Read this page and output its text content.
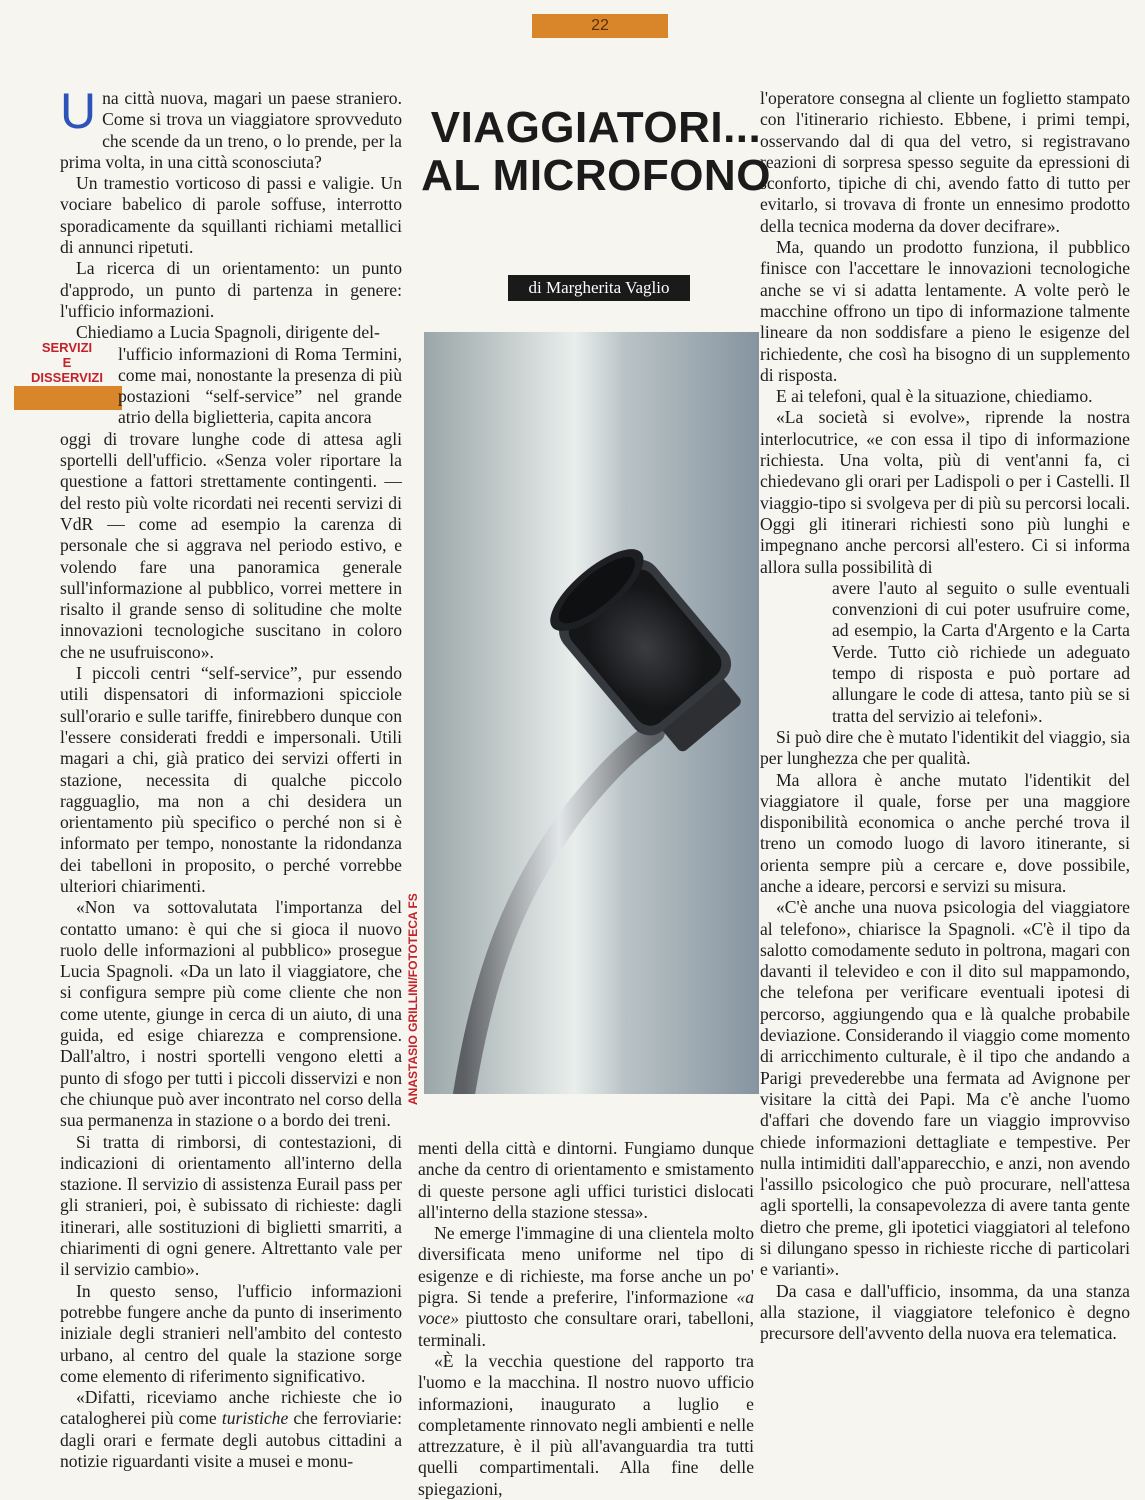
22
VIAGGIATORI...
AL MICROFONO
di Margherita Vaglio
SERVIZI
E
DISSERVIZI

Una città nuova, magari un paese straniero. Come si trova un viaggiatore sprovveduto che scende da un treno, o lo prende, per la prima volta, in una città sconosciuta?

Un tramestio vorticoso di passi e valigie. Un vociare babelico di parole soffuse, interrotto sporadicamente da squillanti richiami metallici di annunci ripetuti.

La ricerca di un orientamento: un punto d'approdo, un punto di partenza in genere: l'ufficio informazioni.

Chiediamo a Lucia Spagnoli, dirigente del-

l'ufficio informazioni di Roma Termini, come mai, nonostante la presenza di più postazioni “self-service” nel grande atrio della biglietteria, capita ancora
oggi di trovare lunghe code di attesa agli sportelli dell'ufficio. «Senza voler riportare la questione a fattori strettamente contingenti. — del resto più volte ricordati nei recenti servizi di VdR — come ad esempio la carenza di personale che si aggrava nel periodo estivo, e volendo fare una panoramica generale sull'informazione al pubblico, vorrei mettere in risalto il grande senso di solitudine che molte innovazioni tecnologiche suscitano in coloro che ne usufruiscono».

I piccoli centri “self-service”, pur essendo utili dispensatori di informazioni spicciole sull'orario e sulle tariffe, finirebbero dunque con l'essere considerati freddi e impersonali. Utili magari a chi, già pratico dei servizi offerti in stazione, necessita di qualche piccolo ragguaglio, ma non a chi desidera un orientamento più specifico o perché non si è informato per tempo, nonostante la ridondanza dei tabelloni in proposito, o perché vorrebbe ulteriori chiarimenti.

«Non va sottovalutata l'importanza del contatto umano: è qui che si gioca il nuovo ruolo delle informazioni al pubblico» prosegue Lucia Spagnoli. «Da un lato il viaggiatore, che si configura sempre più come cliente che non come utente, giunge in cerca di un aiuto, di una guida, ed esige chiarezza e comprensione. Dall'altro, i nostri sportelli vengono eletti a punto di sfogo per tutti i piccoli disservizi e non che chiunque può aver incontrato nel corso della sua permanenza in stazione o a bordo dei treni.

Si tratta di rimborsi, di contestazioni, di indicazioni di orientamento all'interno della stazione. Il servizio di assistenza Eurail pass per gli stranieri, poi, è subissato di richieste: dagli itinerari, alle sostituzioni di biglietti smarriti, a chiarimenti di ogni genere. Altrettanto vale per il servizio cambio».

In questo senso, l'ufficio informazioni potrebbe fungere anche da punto di inserimento iniziale degli stranieri nell'ambito del contesto urbano, al centro del quale la stazione sorge come elemento di riferimento significativo.

«Difatti, riceviamo anche richieste che io catalogherei più come turistiche che ferroviarie: dagli orari e fermate degli autobus cittadini a notizie riguardanti visite a musei e monu-

ANASTASIO GRILLINI/FOTOTECA FS
menti della città e dintorni. Fungiamo dunque anche da centro di orientamento e smistamento di queste persone agli uffici turistici dislocati all'interno della stazione stessa».

Ne emerge l'immagine di una clientela molto diversificata meno uniforme nel tipo di esigenze e di richieste, ma forse anche un po' pigra. Si tende a preferire, l'informazione «a voce» piuttosto che consultare orari, tabelloni, terminali.

«È la vecchia questione del rapporto tra l'uomo e la macchina. Il nostro nuovo ufficio informazioni, inaugurato a luglio e completamente rinnovato negli ambienti e nelle attrezzature, è il più all'avanguardia tra tutti quelli compartimentali. Alla fine delle spiegazioni,

l'operatore consegna al cliente un foglietto stampato con l'itinerario richiesto. Ebbene, i primi tempi, osservando dal di qua del vetro, si registravano reazioni di sorpresa spesso seguite da epressioni di sconforto, tipiche di chi, avendo fatto di tutto per evitarlo, si trovava di fronte un ennesimo prodotto della tecnica moderna da dover decifrare».

Ma, quando un prodotto funziona, il pubblico finisce con l'accettare le innovazioni tecnologiche anche se vi si adatta lentamente. A volte però le macchine offrono un tipo di informazione talmente lineare da non soddisfare a pieno le esigenze del richiedente, che così ha bisogno di un supplemento di risposta.

E ai telefoni, qual è la situazione, chiediamo.

«La società si evolve», riprende la nostra interlocutrice, «e con essa il tipo di informazione richiesta. Una volta, più di vent'anni fa, ci chiedevano gli orari per Ladispoli o per i Castelli. Il viaggio-tipo si svolgeva per di più su percorsi locali. Oggi gli itinerari richiesti sono più lunghi e impegnano anche percorsi all'estero. Ci si informa allora sulla possibilità di

avere l'auto al seguito o sulle eventuali convenzioni di cui poter usufruire come, ad esempio, la Carta d'Argento e la Carta Verde. Tutto ciò richiede un adeguato tempo di risposta e può portare ad allungare le code di attesa, tanto più se si tratta del servizio ai telefoni».

Si può dire che è mutato l'identikit del viaggio, sia per lunghezza che per qualità.

Ma allora è anche mutato l'identikit del viaggiatore il quale, forse per una maggiore disponibilità economica o anche perché trova il treno un comodo luogo di lavoro itinerante, si orienta sempre più a cercare e, dove possibile, anche a ideare, percorsi e servizi su misura.

«C'è anche una nuova psicologia del viaggiatore al telefono», chiarisce la Spagnoli. «C'è il tipo da salotto comodamente seduto in poltrona, magari con davanti il televideo e con il dito sul mappamondo, che telefona per verificare eventuali ipotesi di percorso, aggiungendo qua e là qualche probabile deviazione. Considerando il viaggio come momento di arricchimento culturale, è il tipo che andando a Parigi prevederebbe una fermata ad Avignone per visitare la città dei Papi. Ma c'è anche l'uomo d'affari che dovendo fare un viaggio improvviso chiede informazioni dettagliate e tempestive. Per nulla intimiditi dall'apparecchio, e anzi, non avendo l'assillo psicologico che può procurare, nell'attesa agli sportelli, la consapevolezza di avere tanta gente dietro che preme, gli ipotetici viaggiatori al telefono si dilungano spesso in richieste ricche di particolari e varianti».

Da casa e dall'ufficio, insomma, da una stanza alla stazione, il viaggiatore telefonico è degno precursore dell'avvento della nuova era telematica.
